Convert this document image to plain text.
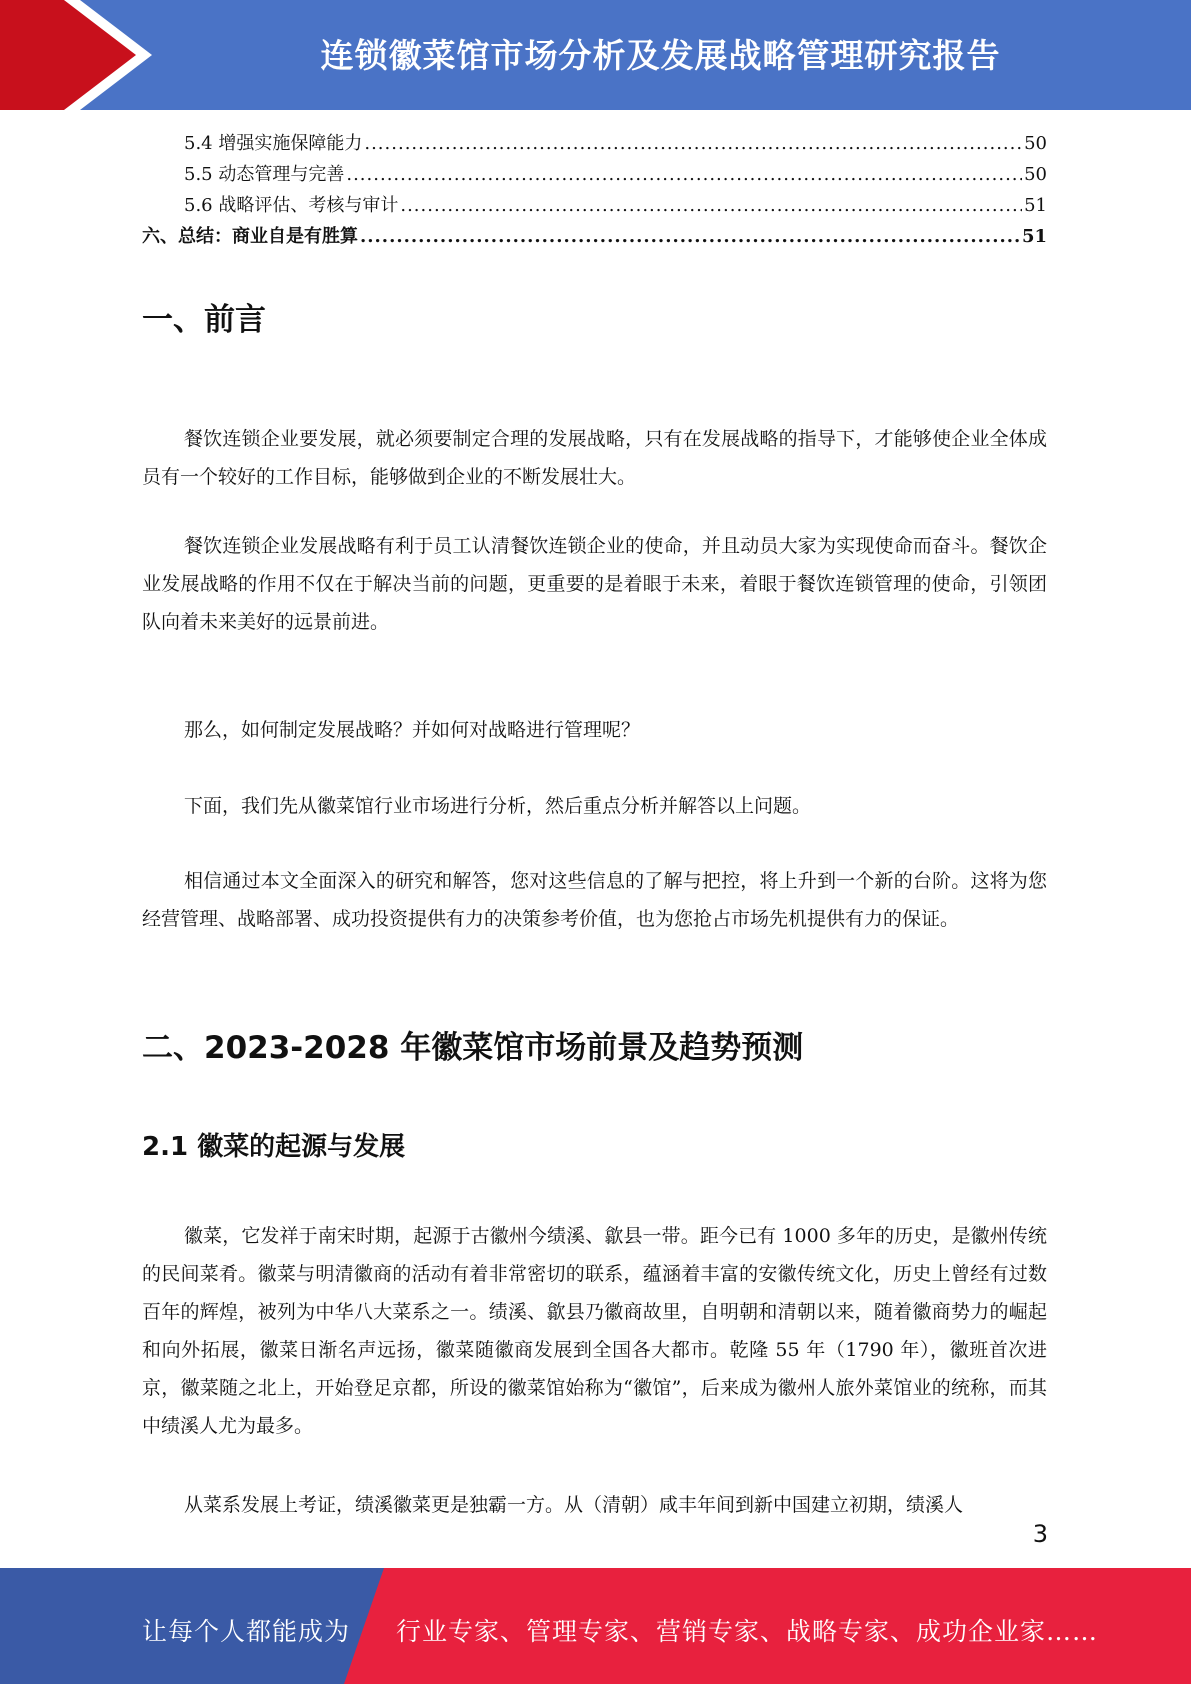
连锁徽菜馆市场分析及发展战略管理研究报告
5.4 增强实施保障能力 .....	50
5.5 动态管理与完善 .....	50
5.6 战略评估、考核与审计 .....	51
六、总结：商业自是有胜算 .....	51
一、前言

餐饮连锁企业要发展，就必须要制定合理的发展战略，只有在发展战略的指导下，才能够使企业全体成员有一个较好的工作目标，能够做到企业的不断发展壮大。

餐饮连锁企业发展战略有利于员工认清餐饮连锁企业的使命，并且动员大家为实现使命而奋斗。餐饮企业发展战略的作用不仅在于解决当前的问题，更重要的是着眼于未来，着眼于餐饮连锁管理的使命，引领团队向着未来美好的远景前进。

那么，如何制定发展战略？并如何对战略进行管理呢？

下面，我们先从徽菜馆行业市场进行分析，然后重点分析并解答以上问题。

相信通过本文全面深入的研究和解答，您对这些信息的了解与把控，将上升到一个新的台阶。这将为您经营管理、战略部署、成功投资提供有力的决策参考价值，也为您抢占市场先机提供有力的保证。

二、2023-2028 年徽菜馆市场前景及趋势预测
2.1 徽菜的起源与发展

徽菜，它发祥于南宋时期，起源于古徽州今绩溪、歙县一带。距今已有 1000 多年的历史，是徽州传统的民间菜肴。徽菜与明清徽商的活动有着非常密切的联系，蕴涵着丰富的安徽传统文化，历史上曾经有过数百年的辉煌，被列为中华八大菜系之一。绩溪、歙县乃徽商故里，自明朝和清朝以来，随着徽商势力的崛起和向外拓展，徽菜日渐名声远扬，徽菜随徽商发展到全国各大都市。乾隆 55 年（1790 年），徽班首次进京，徽菜随之北上，开始登足京都，所设的徽菜馆始称为“徽馆”，后来成为徽州人旅外菜馆业的统称，而其中绩溪人尤为最多。

从菜系发展上考证，绩溪徽菜更是独霸一方。从（清朝）咸丰年间到新中国建立初期，绩溪人

3
让每个人都能成为 行业专家、管理专家、营销专家、战略专家、成功企业家……
